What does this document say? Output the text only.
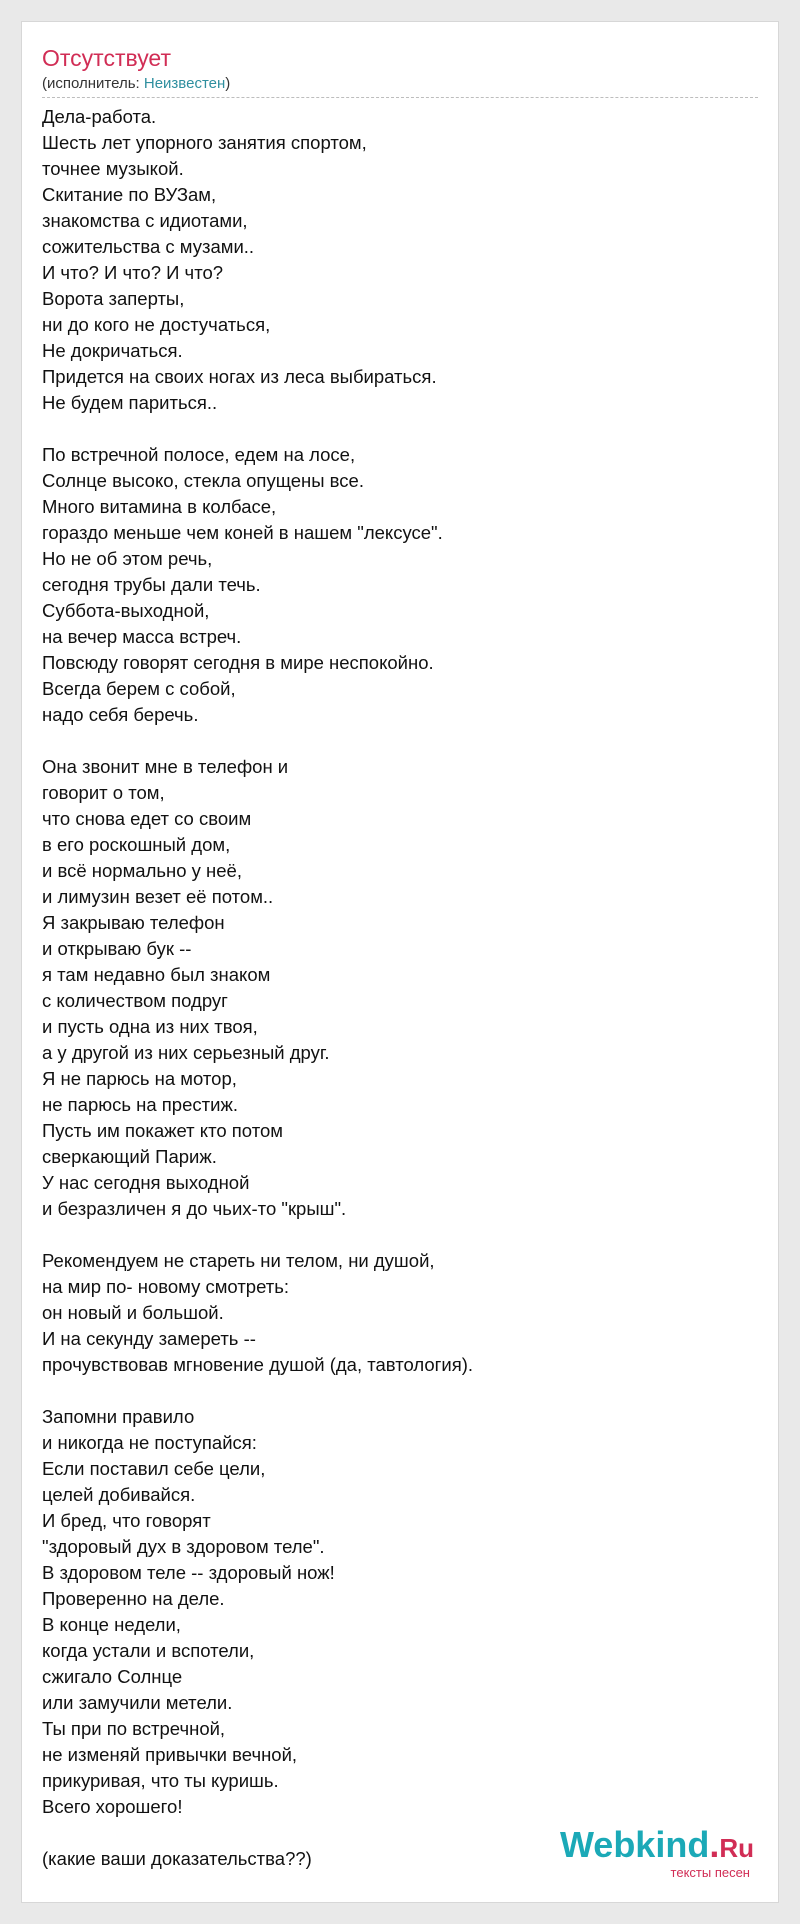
Отсутствует
(исполнитель: Неизвестен)
Дела-работа.
Шесть лет упорного занятия спортом,
точнее музыкой.
Скитание по ВУЗам,
знакомства с идиотами,
сожительства с музами..
И что? И что? И что?
Ворота заперты,
ни до кого не достучаться,
Не докричаться.
Придется на своих ногах из леса выбираться.
Не будем париться..
По встречной полосе, едем на лосе,
Солнце высоко, стекла опущены все.
Много витамина в колбасе,
гораздо меньше чем коней в нашем "лексусе".
Но не об этом речь,
сегодня трубы дали течь.
Суббота-выходной,
на вечер масса встреч.
Повсюду говорят сегодня в мире неспокойно.
Всегда берем с собой,
надо себя беречь.
Она звонит мне в телефон и
говорит о том,
что снова едет со своим
в его роскошный дом,
и всё нормально у неё,
и лимузин везет её потом..
Я закрываю телефон
и открываю бук --
я там недавно был знаком
с количеством подруг
и пусть одна из них твоя,
а у другой из них серьезный друг.
Я не парюсь на мотор,
не парюсь на престиж.
Пусть им покажет кто потом
сверкающий Париж.
У нас сегодня выходной
и безразличен я до чьих-то "крыш".
Рекомендуем не стареть ни телом, ни душой,
на мир по- новому смотреть:
он новый и большой.
И на секунду замереть --
прочувствовав мгновение душой (да, тавтология).
Запомни правило
и никогда не поступайся:
Если поставил себе цели,
целей добивайся.
И бред, что говорят
"здоровый дух в здоровом теле".
В здоровом теле -- здоровый нож!
Проверенно на деле.
В конце недели,
когда устали и вспотели,
сжигало Солнце
или замучили метели.
Ты при по встречной,
не изменяй привычки вечной,
прикуривая, что ты куришь.
Всего хорошего!
(какие ваши доказательства??)	Webkind.Ru
тексты песен
